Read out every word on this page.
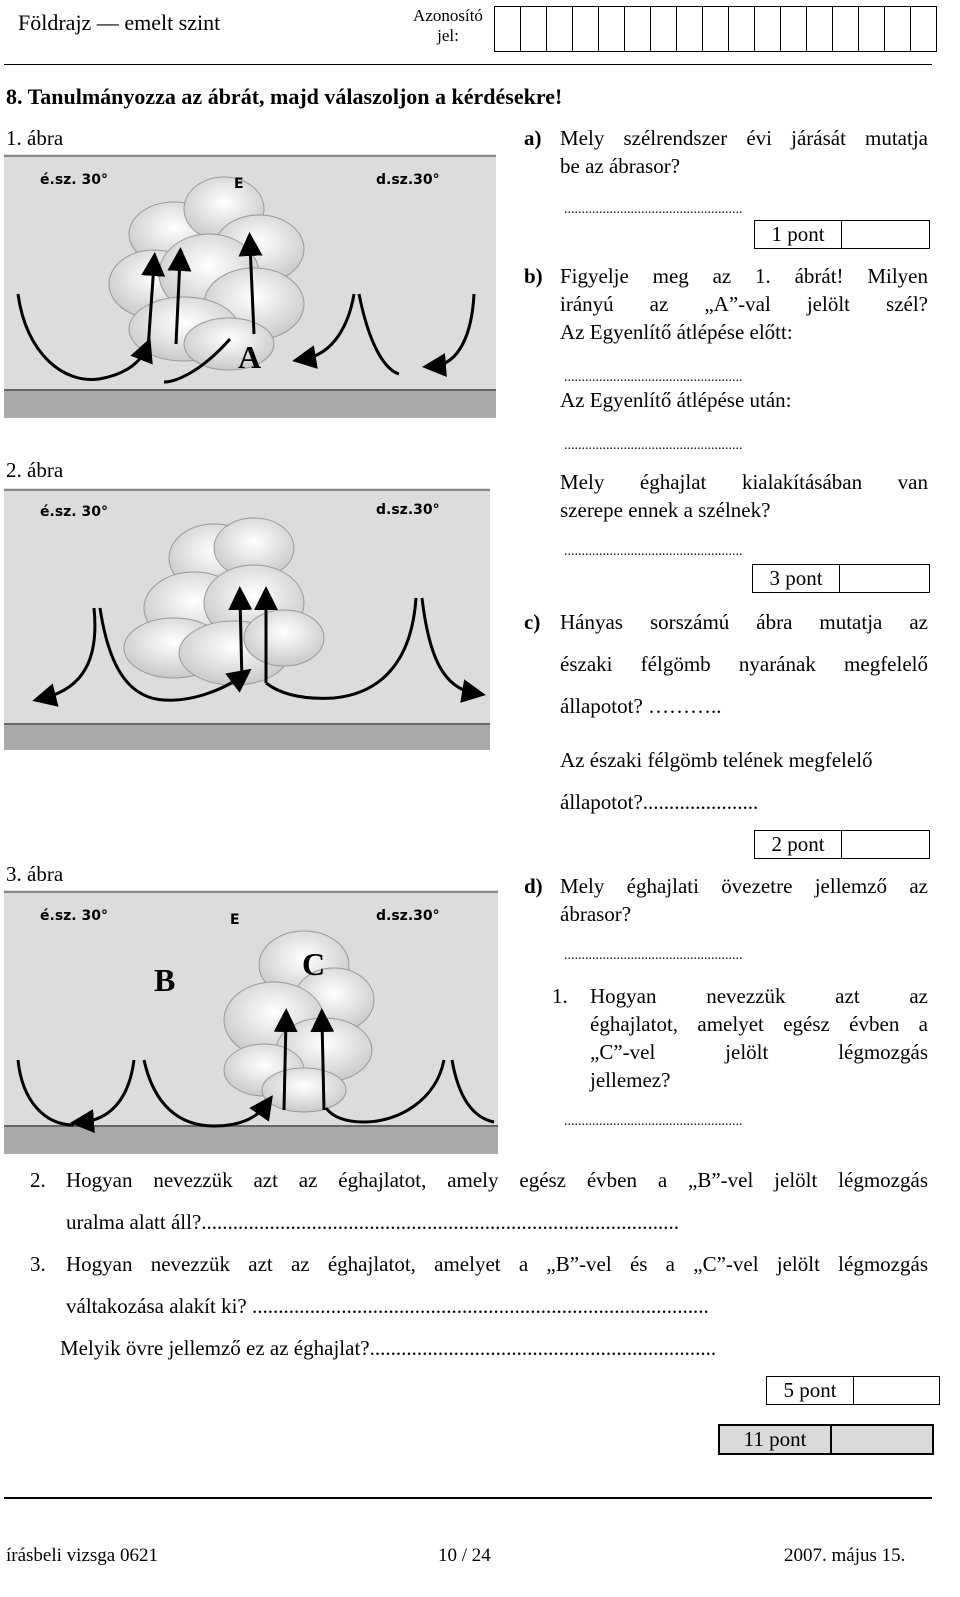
Földrajz — emelt szint	Azonosító
jel:
8. Tanulmányozza az ábrát, majd válaszoljon a kérdésekre!
1. ábra
2. ábra
3. ábra
é.sz. 30°	E	d.sz.30°
A
é.sz. 30°	d.sz.30°
é.sz. 30°	E	d.sz.30°
B	C
a) Mely szélrendszer évi járását mutatja
be az ábrasor?
...................................................
1 pont
b) Figyelje meg az 1. ábrát! Milyen
irányú az „A”-val jelölt szél?
Az Egyenlítő átlépése előtt:
...................................................
Az Egyenlítő átlépése után:
...................................................
Mely éghajlat kialakításában van
szerepe ennek a szélnek?
...................................................
3 pont
c) Hányas sorszámú ábra mutatja az
északi félgömb nyarának megfelelő
állapotot? ………..
Az északi félgömb telének megfelelő
állapotot?......................
2 pont
d) Mely éghajlati övezetre jellemző az
ábrasor?
...................................................
1. Hogyan nevezzük azt az
éghajlatot, amelyet egész évben a
„C”-vel jelölt légmozgás
jellemez?
...................................................
2. Hogyan nevezzük azt az éghajlatot, amely egész évben a „B”-vel jelölt légmozgás
uralma alatt áll?...........................................................................................
3. Hogyan nevezzük azt az éghajlatot, amelyet a „B”-vel és a „C”-vel jelölt légmozgás
váltakozása alakít ki? .......................................................................................
Melyik övre jellemző ez az éghajlat?..................................................................
5 pont
11 pont
írásbeli vizsga 0621	10 / 24	2007. május 15.
